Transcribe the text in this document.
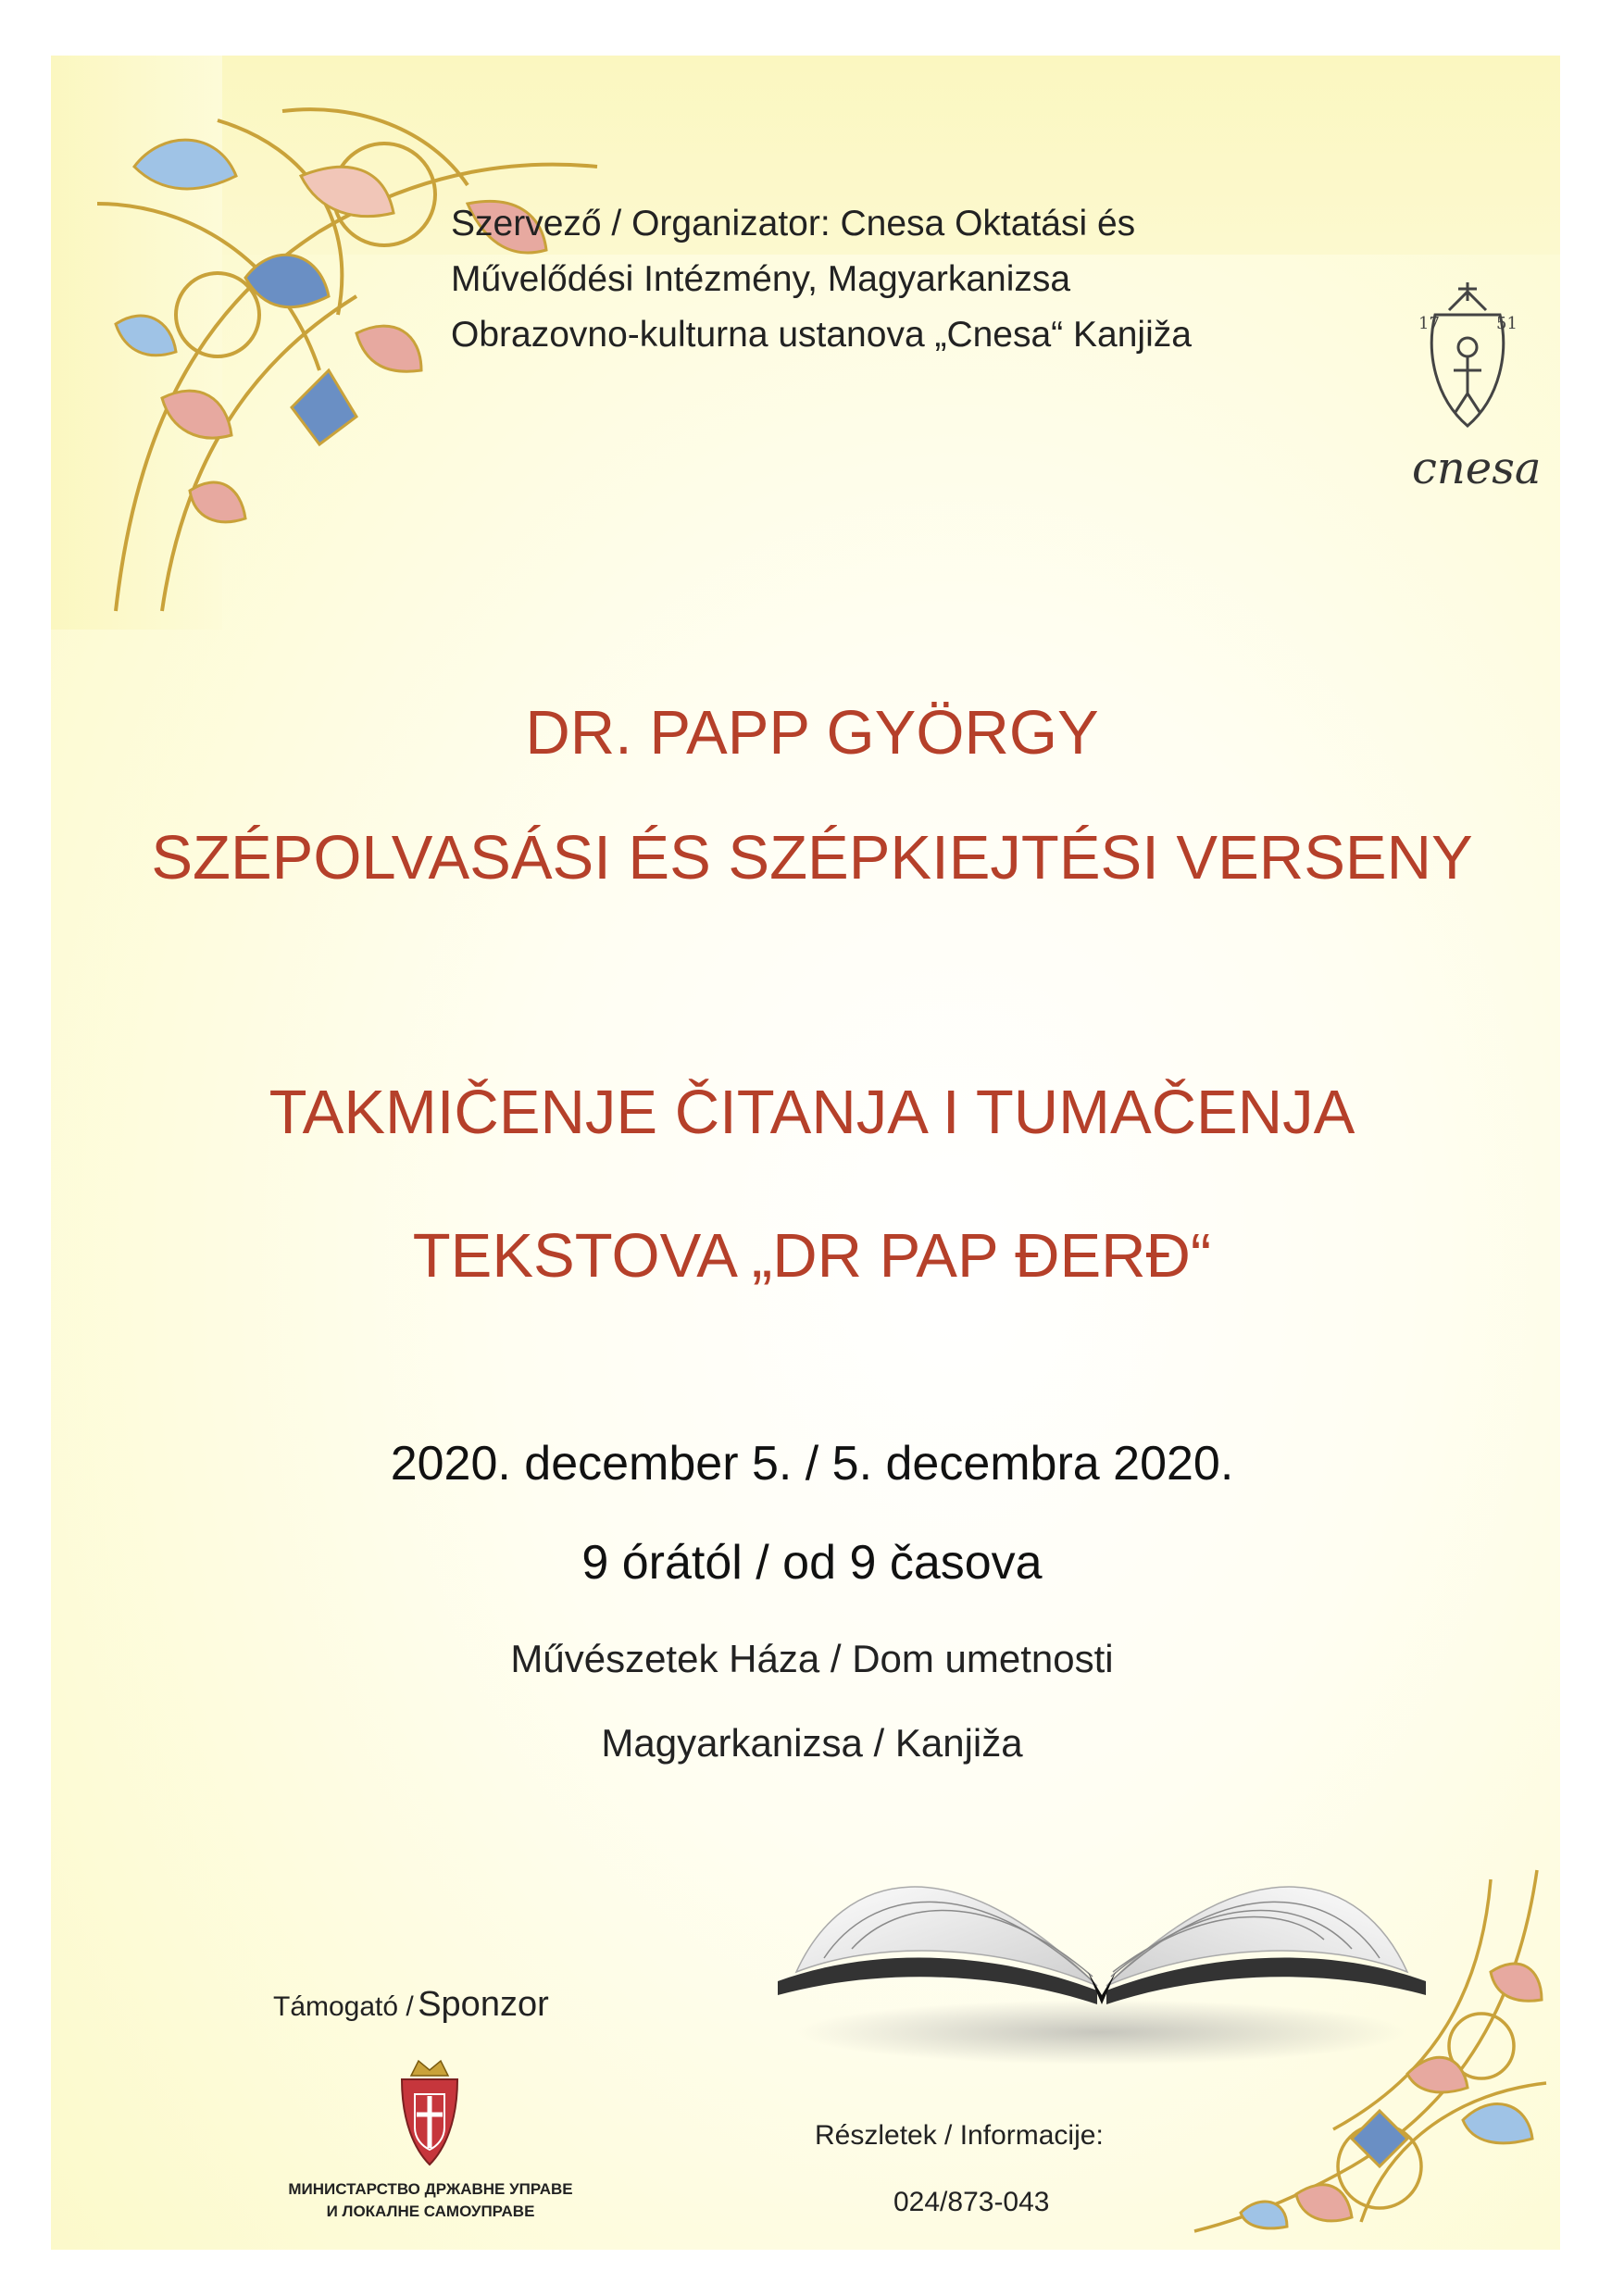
Szervező / Organizator: Cnesa Oktatási és
Művelődési Intézmény, Magyarkanizsa
Obrazovno-kulturna ustanova „Cnesa“ Kanjiža	17	51
cnesa
DR. PAPP GYÖRGY
SZÉPOLVASÁSI ÉS SZÉPKIEJTÉSI VERSENY
TAKMIČENJE ČITANJA I TUMAČENJA
TEKSTOVA „DR PAP ĐERĐ“
2020. december 5. / 5. decembra 2020.
9 órától / od 9 časova
Művészetek Háza / Dom umetnosti
Magyarkanizsa / Kanjiža
Támogató / Sponzor
МИНИСТАРСТВО ДРЖАВНЕ УПРАВЕ
И ЛОКАЛНЕ САМОУПРАВЕ
Részletek / Informacije:
024/873-043
